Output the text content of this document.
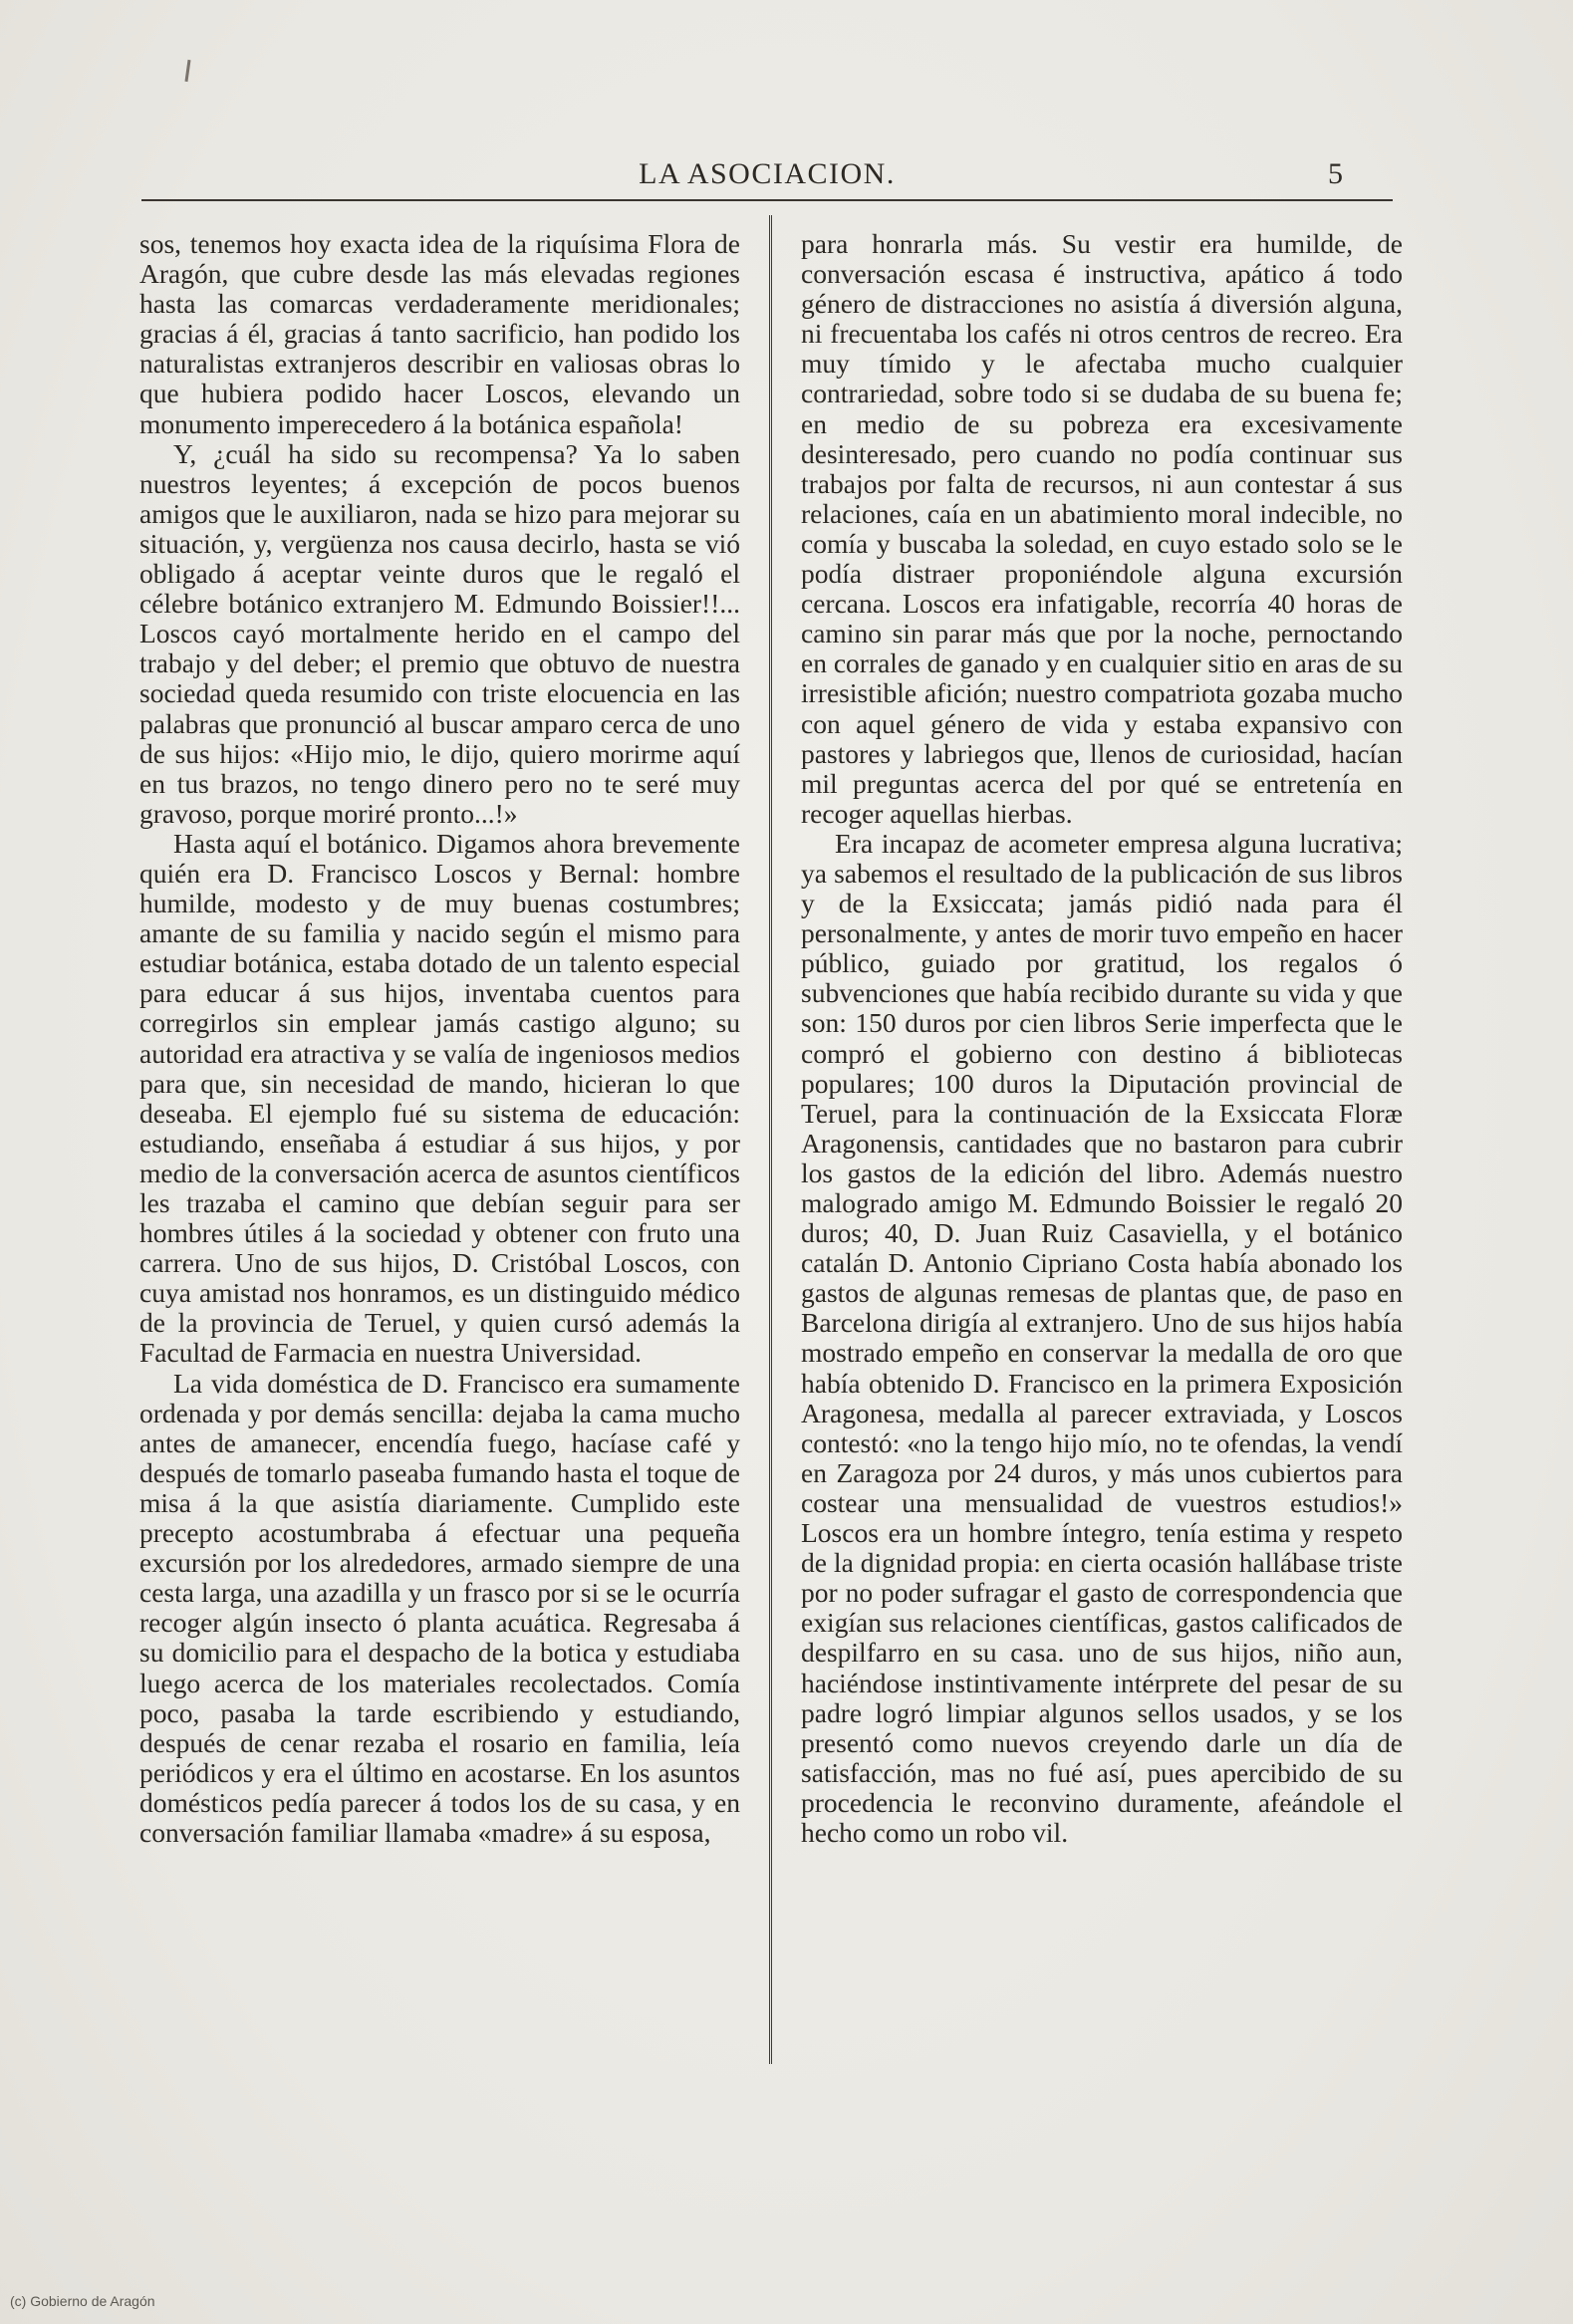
LA ASOCIACION.	5

sos, tenemos hoy exacta idea de la riquísima Flora de Aragón, que cubre desde las más elevadas regiones hasta las comarcas verdaderamente meridionales; gracias á él, gracias á tanto sacrificio, han podido los naturalistas extranjeros describir en valiosas obras lo que hubiera podido hacer Loscos, elevando un monumento imperecedero á la botánica española!

Y, ¿cuál ha sido su recompensa? Ya lo saben nuestros leyentes; á excepción de pocos buenos amigos que le auxiliaron, nada se hizo para mejorar su situación, y, vergüenza nos causa decirlo, hasta se vió obligado á aceptar veinte duros que le regaló el célebre botánico extranjero M. Edmundo Boissier!!... Loscos cayó mortalmente herido en el campo del trabajo y del deber; el premio que obtuvo de nuestra sociedad queda resumido con triste elocuencia en las palabras que pronunció al buscar amparo cerca de uno de sus hijos: «Hijo mio, le dijo, quiero morirme aquí en tus brazos, no tengo dinero pero no te seré muy gravoso, porque moriré pronto...!»

Hasta aquí el botánico. Digamos ahora brevemente quién era D. Francisco Loscos y Bernal: hombre humilde, modesto y de muy buenas costumbres; amante de su familia y nacido según el mismo para estudiar botánica, estaba dotado de un talento especial para educar á sus hijos, inventaba cuentos para corregirlos sin emplear jamás castigo alguno; su autoridad era atractiva y se valía de ingeniosos medios para que, sin necesidad de mando, hicieran lo que deseaba. El ejemplo fué su sistema de educación: estudiando, enseñaba á estudiar á sus hijos, y por medio de la conversación acerca de asuntos científicos les trazaba el camino que debían seguir para ser hombres útiles á la sociedad y obtener con fruto una carrera. Uno de sus hijos, D. Cristóbal Loscos, con cuya amistad nos honramos, es un distinguido médico de la provincia de Teruel, y quien cursó además la Facultad de Farmacia en nuestra Universidad.

La vida doméstica de D. Francisco era sumamente ordenada y por demás sencilla: dejaba la cama mucho antes de amanecer, encendía fuego, hacíase café y después de tomarlo paseaba fumando hasta el toque de misa á la que asistía diariamente. Cumplido este precepto acostumbraba á efectuar una pequeña excursión por los alrededores, armado siempre de una cesta larga, una azadilla y un frasco por si se le ocurría recoger algún insecto ó planta acuática. Regresaba á su domicilio para el despacho de la botica y estudiaba luego acerca de los materiales recolectados. Comía poco, pasaba la tarde escribiendo y estudiando, después de cenar rezaba el rosario en familia, leía periódicos y era el último en acostarse. En los asuntos domésticos pedía parecer á todos los de su casa, y en conversación familiar llamaba «madre» á su esposa,

para honrarla más. Su vestir era humilde, de conversación escasa é instructiva, apático á todo género de distracciones no asistía á diversión alguna, ni frecuentaba los cafés ni otros centros de recreo. Era muy tímido y le afectaba mucho cualquier contrariedad, sobre todo si se dudaba de su buena fe; en medio de su pobreza era excesivamente desinteresado, pero cuando no podía continuar sus trabajos por falta de recursos, ni aun contestar á sus relaciones, caía en un abatimiento moral indecible, no comía y buscaba la soledad, en cuyo estado solo se le podía distraer proponiéndole alguna excursión cercana. Loscos era infatigable, recorría 40 horas de camino sin parar más que por la noche, pernoctando en corrales de ganado y en cualquier sitio en aras de su irresistible afición; nuestro compatriota gozaba mucho con aquel género de vida y estaba expansivo con pastores y labriegos que, llenos de curiosidad, hacían mil preguntas acerca del por qué se entretenía en recoger aquellas hierbas.

Era incapaz de acometer empresa alguna lucrativa; ya sabemos el resultado de la publicación de sus libros y de la Exsiccata; jamás pidió nada para él personalmente, y antes de morir tuvo empeño en hacer público, guiado por gratitud, los regalos ó subvenciones que había recibido durante su vida y que son: 150 duros por cien libros Serie imperfecta que le compró el gobierno con destino á bibliotecas populares; 100 duros la Diputación provincial de Teruel, para la continuación de la Exsiccata Floræ Aragonensis, cantidades que no bastaron para cubrir los gastos de la edición del libro. Además nuestro malogrado amigo M. Edmundo Boissier le regaló 20 duros; 40, D. Juan Ruiz Casaviella, y el botánico catalán D. Antonio Cipriano Costa había abonado los gastos de algunas remesas de plantas que, de paso en Barcelona dirigía al extranjero. Uno de sus hijos había mostrado empeño en conservar la medalla de oro que había obtenido D. Francisco en la primera Exposición Aragonesa, medalla al parecer extraviada, y Loscos contestó: «no la tengo hijo mío, no te ofendas, la vendí en Zaragoza por 24 duros, y más unos cubiertos para costear una mensualidad de vuestros estudios!» Loscos era un hombre íntegro, tenía estima y respeto de la dignidad propia: en cierta ocasión hallábase triste por no poder sufragar el gasto de correspondencia que exigían sus relaciones científicas, gastos calificados de despilfarro en su casa. uno de sus hijos, niño aun, haciéndose instintivamente intérprete del pesar de su padre logró limpiar algunos sellos usados, y se los presentó como nuevos creyendo darle un día de satisfacción, mas no fué así, pues apercibido de su procedencia le reconvino duramente, afeándole el hecho como un robo vil.

(c) Gobierno de Aragón
